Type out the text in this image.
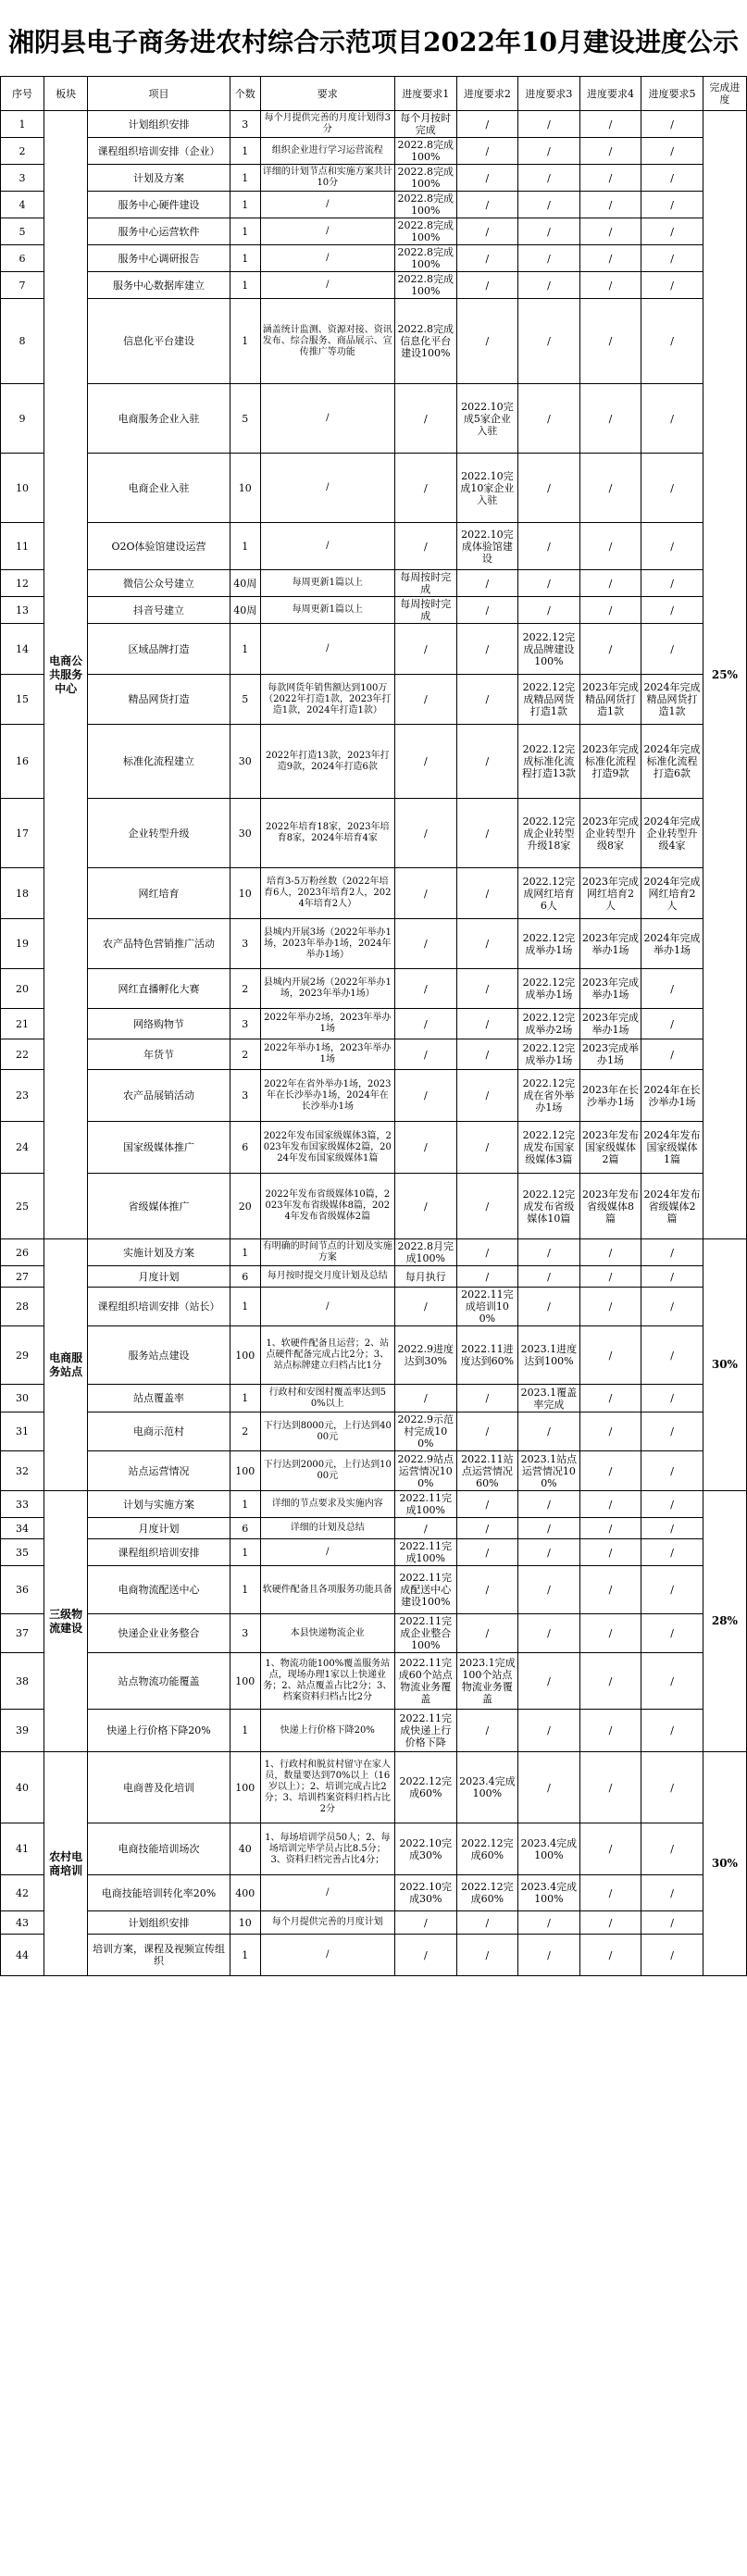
湘阴县电子商务进农村综合示范项目2022年10月建设进度公示
序号	板块	项目	个数	要求	进度要求1	进度要求2	进度要求3	进度要求4	进度要求5	完成进度
1	电商公共服务中心	计划组织安排	3	每个月提供完善的月度计划得3分	每个月按时完成	/	/	/	/	25%
2		课程组织培训安排（企业）	1	组织企业进行学习运营流程	2022.8完成100%	/	/	/	/	
3		计划及方案	1	详细的计划节点和实施方案共计10分	2022.8完成100%	/	/	/	/	
4		服务中心硬件建设	1	/	2022.8完成100%	/	/	/	/	
5		服务中心运营软件	1	/	2022.8完成100%	/	/	/	/	
6		服务中心调研报告	1	/	2022.8完成100%	/	/	/	/	
7		服务中心数据库建立	1	/	2022.8完成100%	/	/	/	/	
8		信息化平台建设	1	涵盖统计监测、资源对接、资讯发布、综合服务、商品展示、宣传推广等功能	2022.8完成信息化平台建设100%	/	/	/	/	
9		电商服务企业入驻	5	/	/	2022.10完成5家企业入驻	/	/	/	
10		电商企业入驻	10	/	/	2022.10完成10家企业入驻	/	/	/	
11		O2O体验馆建设运营	1	/	/	2022.10完成体验馆建设	/	/	/	
12		微信公众号建立	40周	每周更新1篇以上	每周按时完成	/	/	/	/	
13		抖音号建立	40周	每周更新1篇以上	每周按时完成	/	/	/	/	
14		区域品牌打造	1	/	/	/	2022.12完成品牌建设100%	/	/	
15		精品网货打造	5	每款网货年销售额达到100万（2022年打造1款，2023年打造1款，2024年打造1款）	/	/	2022.12完成精品网货打造1款	2023年完成精品网货打造1款	2024年完成精品网货打造1款	
16		标准化流程建立	30	2022年打造13款，2023年打造9款，2024年打造6款	/	/	2022.12完成标准化流程打造13款	2023年完成标准化流程打造9款	2024年完成标准化流程打造6款	
17		企业转型升级	30	2022年培育18家，2023年培育8家，2024年培育4家	/	/	2022.12完成企业转型升级18家	2023年完成企业转型升级8家	2024年完成企业转型升级4家	
18		网红培育	10	培育3-5万粉丝数（2022年培育6人，2023年培育2人，2024年培育2人）	/	/	2022.12完成网红培育6人	2023年完成网红培育2人	2024年完成网红培育2人	
19		农产品特色营销推广活动	3	县城内开展3场（2022年举办1场，2023年举办1场，2024年举办1场）	/	/	2022.12完成举办1场	2023年完成举办1场	2024年完成举办1场	
20		网红直播孵化大赛	2	县城内开展2场（2022年举办1场，2023年举办1场）	/	/	2022.12完成举办1场	2023年完成举办1场	/	
21		网络购物节	3	2022年举办2场，2023年举办1场	/	/	2022.12完成举办2场	2023年完成举办1场	/	
22		年货节	2	2022年举办1场，2023年举办1场	/	/	2022.12完成举办1场	2023完成举办1场	/	
23		农产品展销活动	3	2022年在省外举办1场，2023年在长沙举办1场，2024年在长沙举办1场	/	/	2022.12完成在省外举办1场	2023年在长沙举办1场	2024年在长沙举办1场	
24		国家级媒体推广	6	2022年发布国家级媒体3篇，2023年发布国家级媒体2篇，2024年发布国家级媒体1篇	/	/	2022.12完成发布国家级媒体3篇	2023年发布国家级媒体2篇	2024年发布国家级媒体1篇	
25		省级媒体推广	20	2022年发布省级媒体10篇，2023年发布省级媒体8篇，2024年发布省级媒体2篇	/	/	2022.12完成发布省级媒体10篇	2023年发布省级媒体8篇	2024年发布省级媒体2篇	
26	电商服务站点	实施计划及方案	1	有明确的时间节点的计划及实施方案	2022.8月完成100%	/	/	/	/	30%
27		月度计划	6	每月按时提交月度计划及总结	每月执行	/	/	/	/	
28		课程组织培训安排（站长）	1	/	/	2022.11完成培训100%	/	/	/	
29		服务站点建设	100	1、软硬件配备且运营；2、站点硬件配备完成占比2分；3、站点标牌建立归档占比1分	2022.9进度达到30%	2022.11进度达到60%	2023.1进度达到100%	/	/	
30		站点覆盖率	1	行政村和安图村覆盖率达到50%以上	/	/	2023.1覆盖率完成	/	/	
31		电商示范村	2	下行达到8000元，上行达到4000元	2022.9示范村完成100%	/	/	/	/	
32		站点运营情况	100	下行达到2000元，上行达到1000元	2022.9站点运营情况100%	2022.11站点运营情况60%	2023.1站点运营情况100%	/	/	
33	三级物流建设	计划与实施方案	1	详细的节点要求及实施内容	2022.11完成100%	/	/	/	/	28%
34		月度计划	6	详细的计划及总结	/	/	/	/	/	
35		课程组织培训安排	1	/	2022.11完成100%	/	/	/	/	
36		电商物流配送中心	1	软硬件配备且各项服务功能具备	2022.11完成配送中心建设100%	/	/	/	/	
37		快递企业业务整合	3	本县快递物流企业	2022.11完成企业整合100%	/	/	/	/	
38		站点物流功能覆盖	100	1、物流功能100%覆盖服务站点，现场办理1家以上快递业务；2、站点覆盖占比2分；3、档案资料归档占比2分	2022.11完成60个站点物流业务覆盖	2023.1完成100个站点物流业务覆盖	/	/	/	
39		快递上行价格下降20%	1	快递上行价格下降20%	2022.11完成快递上行价格下降	/	/	/	/	
40	农村电商培训	电商普及化培训	100	1、行政村和脱贫村留守在家人员，数量要达到70%以上（16岁以上）；2、培训完成占比2分；3、培训档案资料归档占比2分	2022.12完成60%	2023.4完成100%	/	/	/	30%
41		电商技能培训场次	40	1、每场培训学员50人；2、每场培训完毕学员占比8.5分；3、资料归档完善占比4分；	2022.10完成30%	2022.12完成60%	2023.4完成100%	/	/	
42		电商技能培训转化率20%	400	/	2022.10完成30%	2022.12完成60%	2023.4完成100%	/	/	
43		计划组织安排	10	每个月提供完善的月度计划	/	/	/	/	/	
44		培训方案，课程及视频宣传组织	1	/	/	/	/	/	/	
